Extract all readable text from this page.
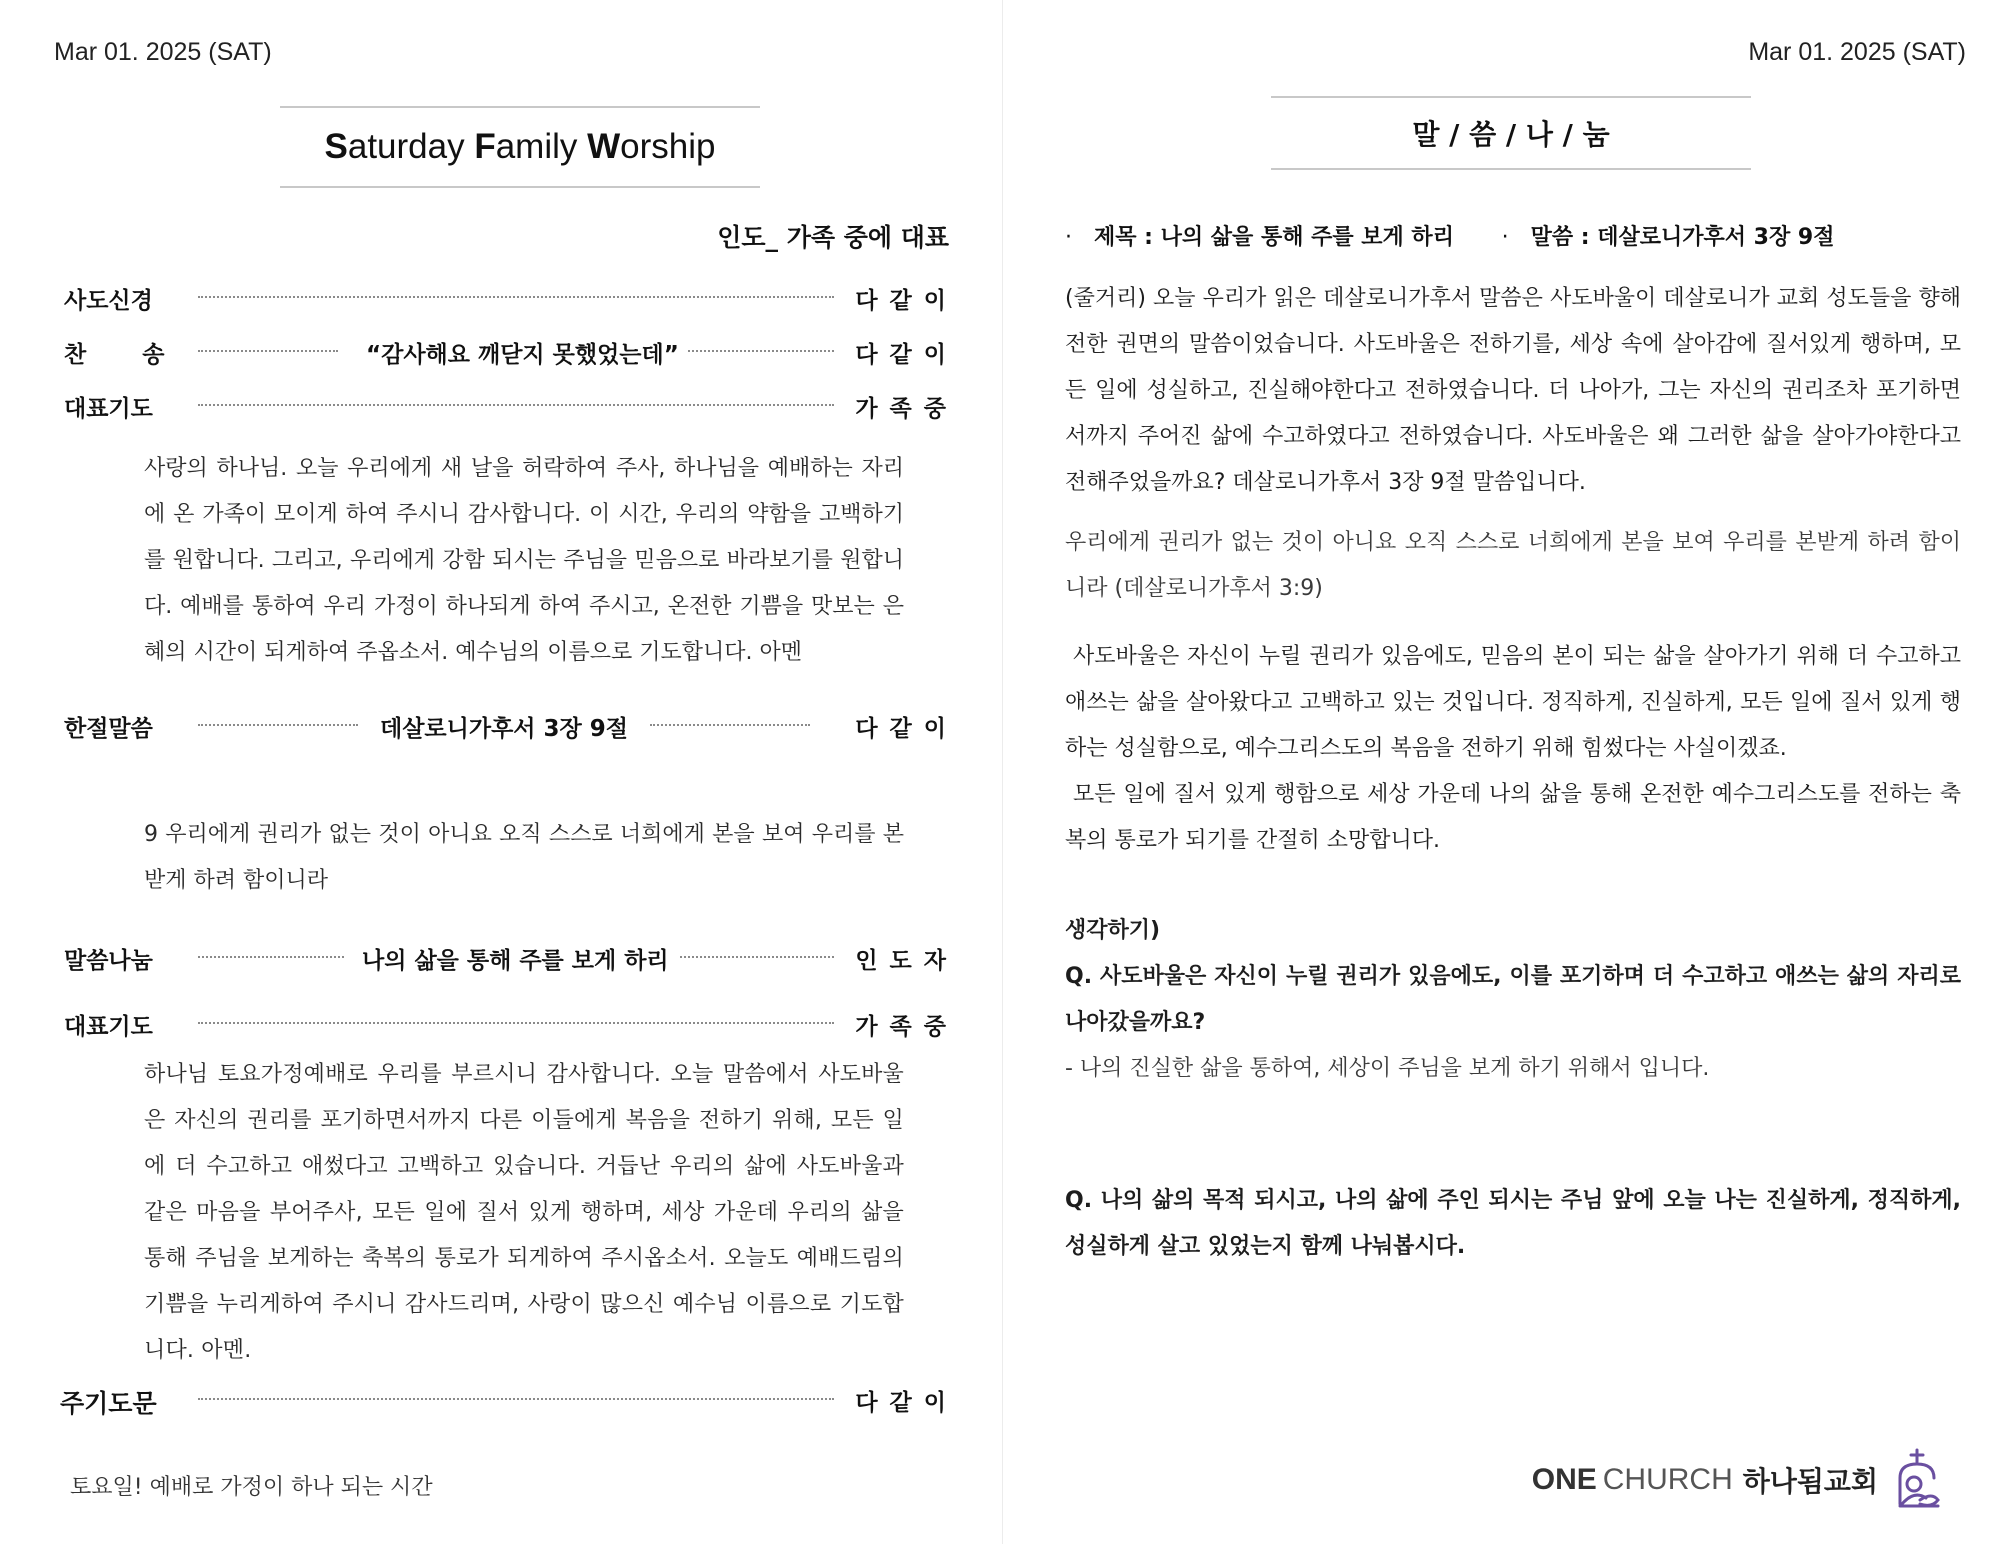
Mar 01. 2025 (SAT)
Saturday Family Worship
인도_ 가족 중에 대표
사도신경	다 같 이
찬       송	“감사해요 깨닫지 못했었는데”	다 같 이
대표기도	가 족 중
사랑의 하나님. 오늘 우리에게 새 날을 허락하여 주사, 하나님을 예배하는 자리에 온 가족이 모이게 하여 주시니 감사합니다. 이 시간, 우리의 약함을 고백하기를 원합니다. 그리고, 우리에게 강함 되시는 주님을 믿음으로 바라보기를 원합니다. 예배를 통하여 우리 가정이 하나되게 하여 주시고, 온전한 기쁨을 맛보는 은혜의 시간이 되게하여 주옵소서. 예수님의 이름으로 기도합니다. 아멘
한절말씀	데살로니가후서 3장 9절	다 같 이
9 우리에게 권리가 없는 것이 아니요 오직 스스로 너희에게 본을 보여 우리를 본받게 하려 함이니라
말씀나눔	나의 삶을 통해 주를 보게 하리	인 도 자
대표기도	가 족 중
하나님 토요가정예배로 우리를 부르시니 감사합니다. 오늘 말씀에서 사도바울은 자신의 권리를 포기하면서까지 다른 이들에게 복음을 전하기 위해, 모든 일에 더 수고하고 애썼다고 고백하고 있습니다. 거듭난 우리의 삶에 사도바울과 같은 마음을 부어주사, 모든 일에 질서 있게 행하며, 세상 가운데 우리의 삶을 통해 주님을 보게하는 축복의 통로가 되게하여 주시옵소서. 오늘도 예배드림의 기쁨을 누리게하여 주시니 감사드리며, 사랑이 많으신 예수님 이름으로 기도합니다. 아멘.
주기도문	다 같 이
토요일! 예배로 가정이 하나 되는 시간
Mar 01. 2025 (SAT)
말 / 씀 / 나 / 눔
· 제목 : 나의 삶을 통해 주를 보게 하리 · 말씀 : 데살로니가후서 3장 9절
(줄거리) 오늘 우리가 읽은 데살로니가후서 말씀은 사도바울이 데살로니가 교회 성도들을 향해 전한 권면의 말씀이었습니다. 사도바울은 전하기를, 세상 속에 살아감에 질서있게 행하며, 모든 일에 성실하고, 진실해야한다고 전하였습니다. 더 나아가, 그는 자신의 권리조차 포기하면서까지 주어진 삶에 수고하였다고 전하였습니다. 사도바울은 왜 그러한 삶을 살아가야한다고 전해주었을까요? 데살로니가후서 3장 9절 말씀입니다.
우리에게 권리가 없는 것이 아니요 오직 스스로 너희에게 본을 보여 우리를 본받게 하려 함이니라 (데살로니가후서 3:9)
사도바울은 자신이 누릴 권리가 있음에도, 믿음의 본이 되는 삶을 살아가기 위해 더 수고하고 애쓰는 삶을 살아왔다고 고백하고 있는 것입니다. 정직하게, 진실하게, 모든 일에 질서 있게 행하는 성실함으로, 예수그리스도의 복음을 전하기 위해 힘썼다는 사실이겠죠.
모든 일에 질서 있게 행함으로 세상 가운데 나의 삶을 통해 온전한 예수그리스도를 전하는 축복의 통로가 되기를 간절히 소망합니다.
생각하기)
Q. 사도바울은 자신이 누릴 권리가 있음에도, 이를 포기하며 더 수고하고 애쓰는 삶의 자리로 나아갔을까요?
- 나의 진실한 삶을 통하여, 세상이 주님을 보게 하기 위해서 입니다.
Q. 나의 삶의 목적 되시고, 나의 삶에 주인 되시는 주님 앞에 오늘 나는 진실하게, 정직하게, 성실하게 살고 있었는지 함께 나눠봅시다.
ONE CHURCH 하나됨교회
